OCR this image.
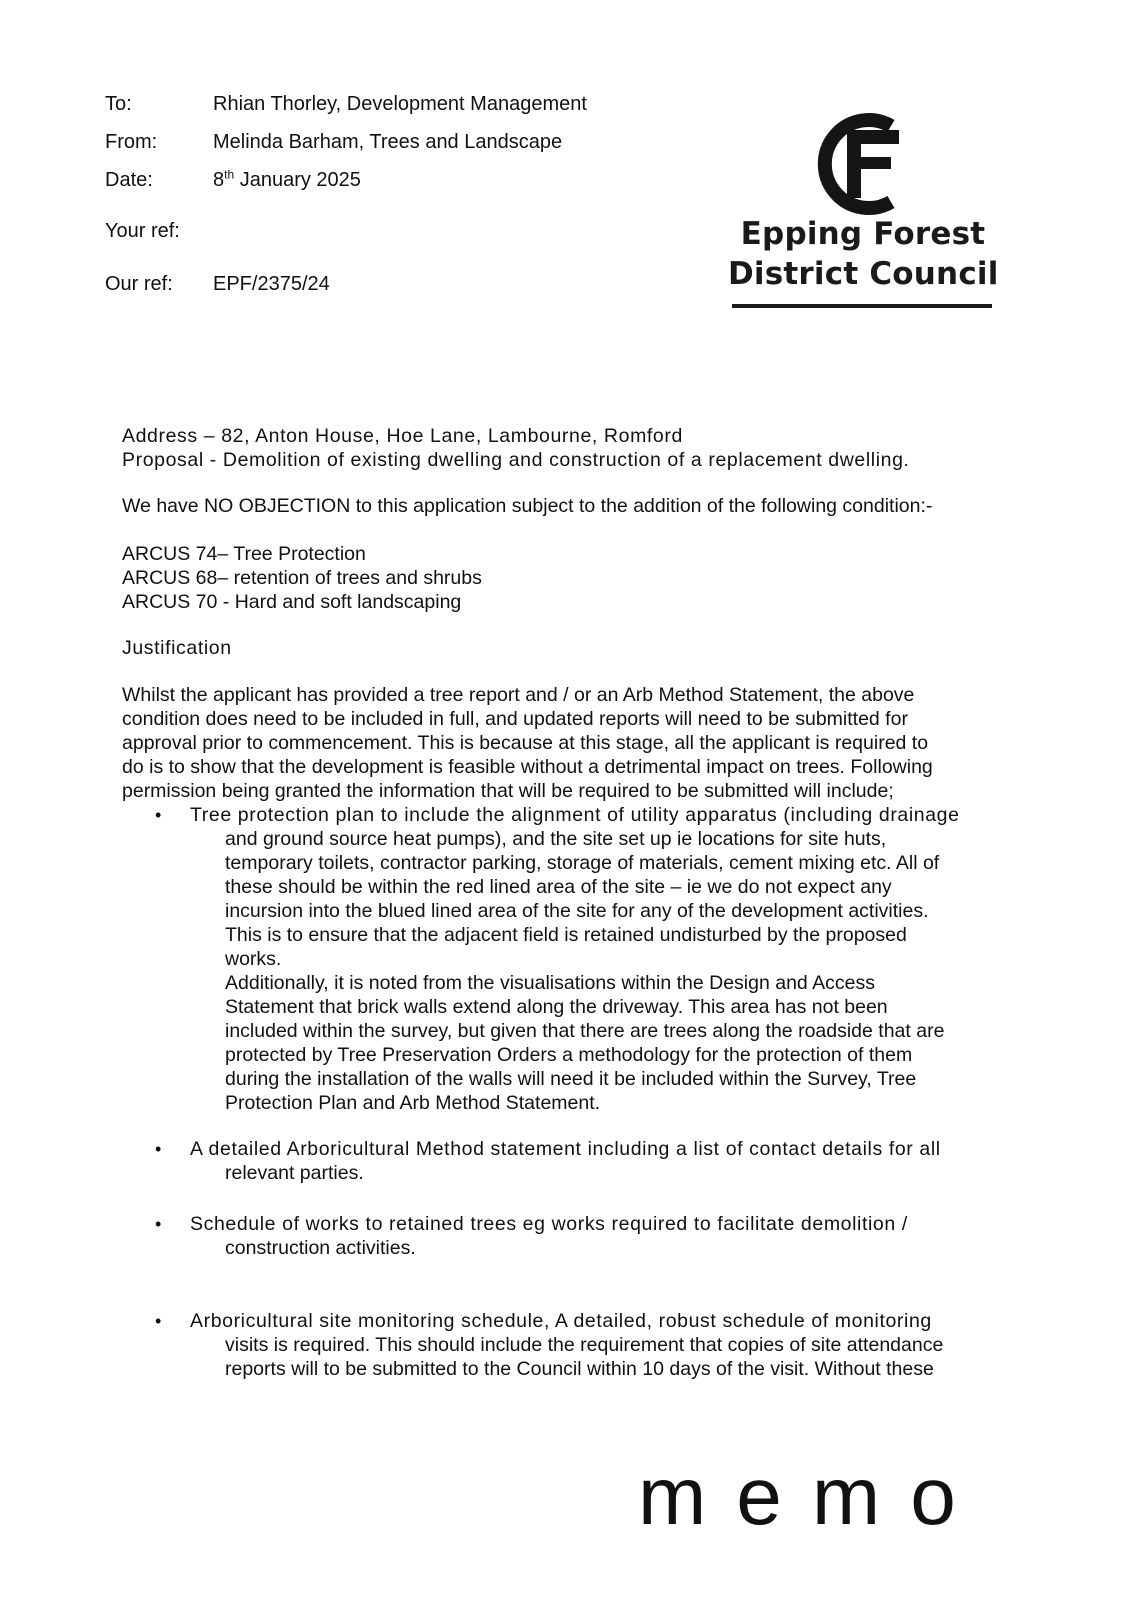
To:	Rhian Thorley, Development Management
From:	Melinda Barham, Trees and Landscape
Date:	8th January 2025
Your ref:
Our ref: EPF/2375/24
Epping Forest
District Council
Address – 82, Anton House, Hoe Lane, Lambourne, Romford
Proposal - Demolition of existing dwelling and construction of a replacement dwelling.
We have NO OBJECTION to this application subject to the addition of the following condition:-
ARCUS 74– Tree Protection
ARCUS 68– retention of trees and shrubs
ARCUS 70 - Hard and soft landscaping
Justification
Whilst the applicant has provided a tree report and / or an Arb Method Statement, the above
condition does need to be included in full, and updated reports will need to be submitted for
approval prior to commencement. This is because at this stage, all the applicant is required to
do is to show that the development is feasible without a detrimental impact on trees. Following
permission being granted the information that will be required to be submitted will include;
• Tree protection plan to include the alignment of utility apparatus (including drainage
and ground source heat pumps), and the site set up ie locations for site huts,
temporary toilets, contractor parking, storage of materials, cement mixing etc. All of
these should be within the red lined area of the site – ie we do not expect any
incursion into the blued lined area of the site for any of the development activities.
This is to ensure that the adjacent field is retained undisturbed by the proposed
works.
Additionally, it is noted from the visualisations within the Design and Access
Statement that brick walls extend along the driveway. This area has not been
included within the survey, but given that there are trees along the roadside that are
protected by Tree Preservation Orders a methodology for the protection of them
during the installation of the walls will need it be included within the Survey, Tree
Protection Plan and Arb Method Statement.
• A detailed Arboricultural Method statement including a list of contact details for all
relevant parties.
• Schedule of works to retained trees eg works required to facilitate demolition /
construction activities.
• Arboricultural site monitoring schedule, A detailed, robust schedule of monitoring
visits is required. This should include the requirement that copies of site attendance
reports will to be submitted to the Council within 10 days of the visit. Without these
memo
